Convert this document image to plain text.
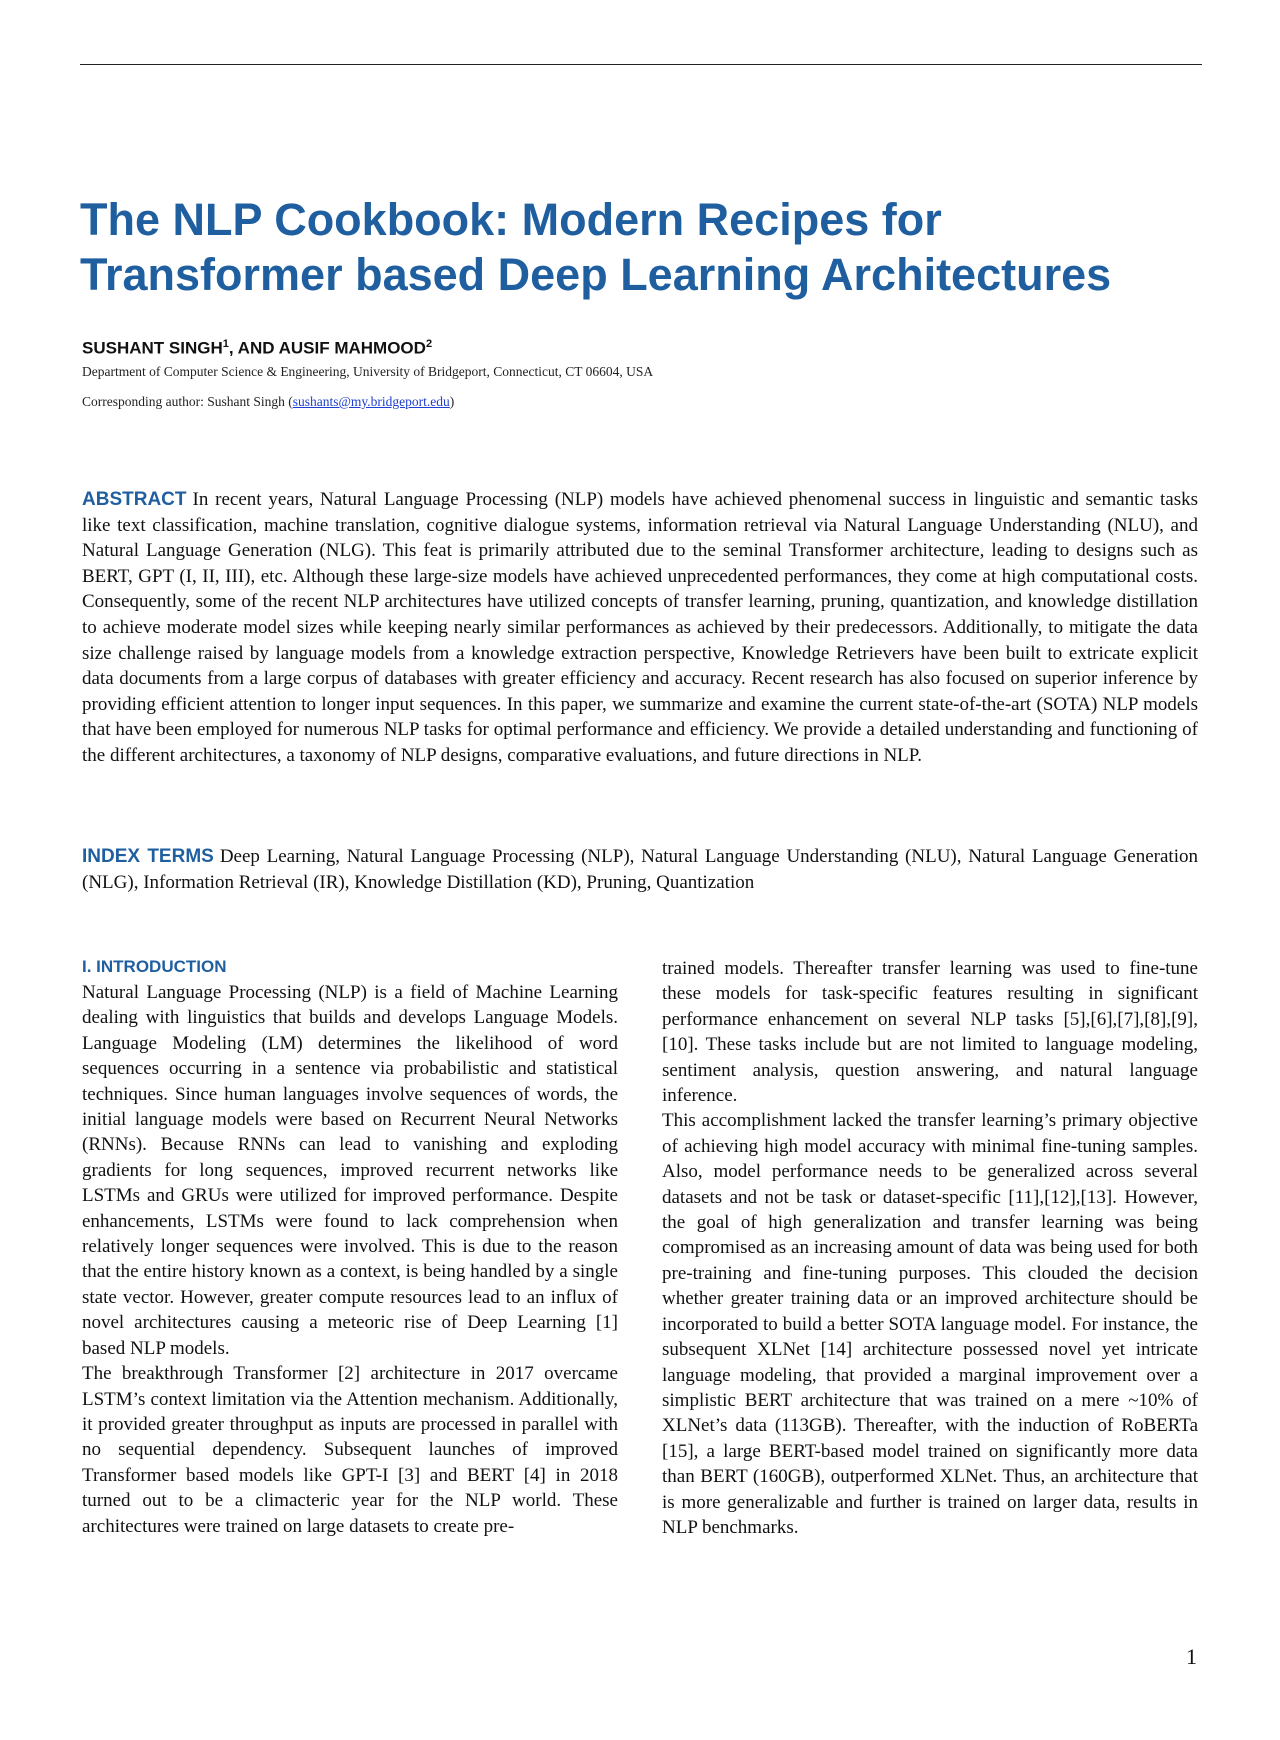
The NLP Cookbook: Modern Recipes for
Transformer based Deep Learning Architectures
SUSHANT SINGH$^1$, AND AUSIF MAHMOOD$^2$
Department of Computer Science & Engineering, University of Bridgeport, Connecticut, CT 06604, USA
Corresponding author: Sushant Singh (sushants@my.bridgeport.edu)

ABSTRACT In recent years, Natural Language Processing (NLP) models have achieved phenomenal success in linguistic and semantic tasks like text classification, machine translation, cognitive dialogue systems, information retrieval via Natural Language Understanding (NLU), and Natural Language Generation (NLG). This feat is primarily attributed due to the seminal Transformer architecture, leading to designs such as BERT, GPT (I, II, III), etc. Although these large-size models have achieved unprecedented performances, they come at high computational costs. Consequently, some of the recent NLP architectures have utilized concepts of transfer learning, pruning, quantization, and knowledge distillation to achieve moderate model sizes while keeping nearly similar performances as achieved by their predecessors. Additionally, to mitigate the data size challenge raised by language models from a knowledge extraction perspective, Knowledge Retrievers have been built to extricate explicit data documents from a large corpus of databases with greater efficiency and accuracy. Recent research has also focused on superior inference by providing efficient attention to longer input sequences. In this paper, we summarize and examine the current state-of-the-art (SOTA) NLP models that have been employed for numerous NLP tasks for optimal performance and efficiency. We provide a detailed understanding and functioning of the different architectures, a taxonomy of NLP designs, comparative evaluations, and future directions in NLP.

INDEX TERMS Deep Learning, Natural Language Processing (NLP), Natural Language Understanding (NLU), Natural Language Generation (NLG), Information Retrieval (IR), Knowledge Distillation (KD), Pruning, Quantization

I. INTRODUCTION

Natural Language Processing (NLP) is a field of Machine Learning dealing with linguistics that builds and develops Language Models. Language Modeling (LM) determines the likelihood of word sequences occurring in a sentence via probabilistic and statistical techniques. Since human languages involve sequences of words, the initial language models were based on Recurrent Neural Networks (RNNs). Because RNNs can lead to vanishing and exploding gradients for long sequences, improved recurrent networks like LSTMs and GRUs were utilized for improved performance. Despite enhancements, LSTMs were found to lack comprehension when relatively longer sequences were involved. This is due to the reason that the entire history known as a context, is being handled by a single state vector. However, greater compute resources lead to an influx of novel architectures causing a meteoric rise of Deep Learning [1] based NLP models.

The breakthrough Transformer [2] architecture in 2017 overcame LSTM’s context limitation via the Attention mechanism. Additionally, it provided greater throughput as inputs are processed in parallel with no sequential dependency. Subsequent launches of improved Transformer based models like GPT-I [3] and BERT [4] in 2018 turned out to be a climacteric year for the NLP world. These architectures were trained on large datasets to create pre-

trained models. Thereafter transfer learning was used to fine-tune these models for task-specific features resulting in significant performance enhancement on several NLP tasks [5],[6],[7],[8],[9],[10]. These tasks include but are not limited to language modeling, sentiment analysis, question answering, and natural language inference.

This accomplishment lacked the transfer learning’s primary objective of achieving high model accuracy with minimal fine-tuning samples. Also, model performance needs to be generalized across several datasets and not be task or dataset-specific [11],[12],[13]. However, the goal of high generalization and transfer learning was being compromised as an increasing amount of data was being used for both pre-training and fine-tuning purposes. This clouded the decision whether greater training data or an improved architecture should be incorporated to build a better SOTA language model. For instance, the subsequent XLNet [14] architecture possessed novel yet intricate language modeling, that provided a marginal improvement over a simplistic BERT architecture that was trained on a mere ~10% of XLNet’s data (113GB). Thereafter, with the induction of RoBERTa [15], a large BERT-based model trained on significantly more data than BERT (160GB), outperformed XLNet. Thus, an architecture that is more generalizable and further is trained on larger data, results in NLP benchmarks.

1
